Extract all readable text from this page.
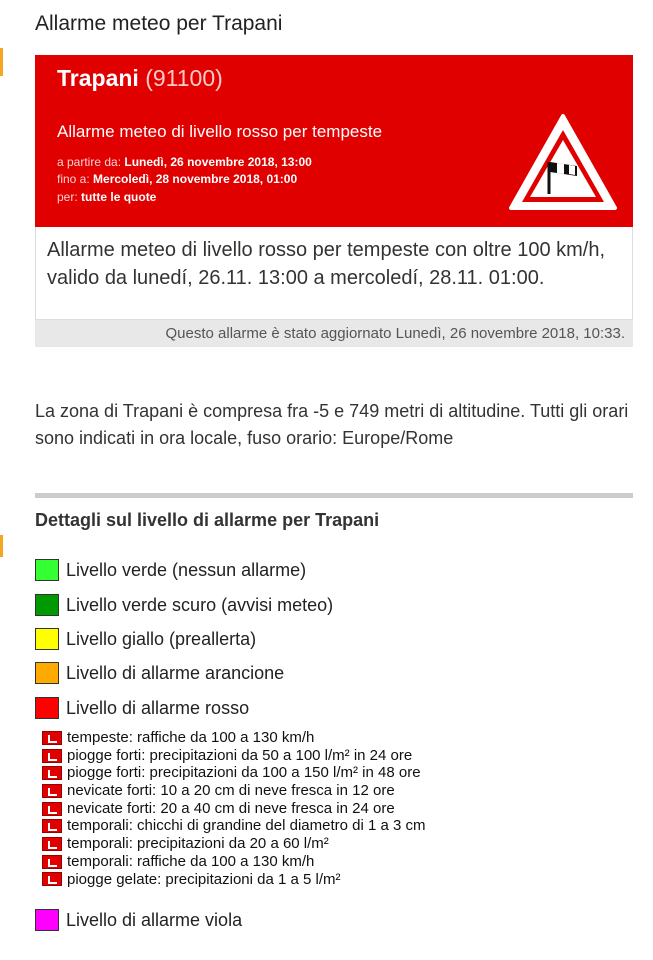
Allarme meteo per Trapani
Trapani (91100)
Allarme meteo di livello rosso per tempeste
a partire da: Lunedì, 26 novembre 2018, 13:00
fino a: Mercoledì, 28 novembre 2018, 01:00
per: tutte le quote
Allarme meteo di livello rosso per tempeste con oltre 100 km/h, valido da lunedí, 26.11. 13:00 a mercoledí, 28.11. 01:00.
Questo allarme è stato aggiornato Lunedì, 26 novembre 2018, 10:33.
La zona di Trapani è compresa fra -5 e 749 metri di altitudine. Tutti gli orari sono indicati in ora locale, fuso orario: Europe/Rome
Dettagli sul livello di allarme per Trapani
Livello verde (nessun allarme)
Livello verde scuro (avvisi meteo)
Livello giallo (preallerta)
Livello di allarme arancione
Livello di allarme rosso
tempeste: raffiche da 100 a 130 km/h
piogge forti: precipitazioni da 50 a 100 l/m² in 24 ore
piogge forti: precipitazioni da 100 a 150 l/m² in 48 ore
nevicate forti: 10 a 20 cm di neve fresca in 12 ore
nevicate forti: 20 a 40 cm di neve fresca in 24 ore
temporali: chicchi di grandine del diametro di 1 a 3 cm
temporali: precipitazioni da 20 a 60 l/m²
temporali: raffiche da 100 a 130 km/h
piogge gelate: precipitazioni da 1 a 5 l/m²
Livello di allarme viola
